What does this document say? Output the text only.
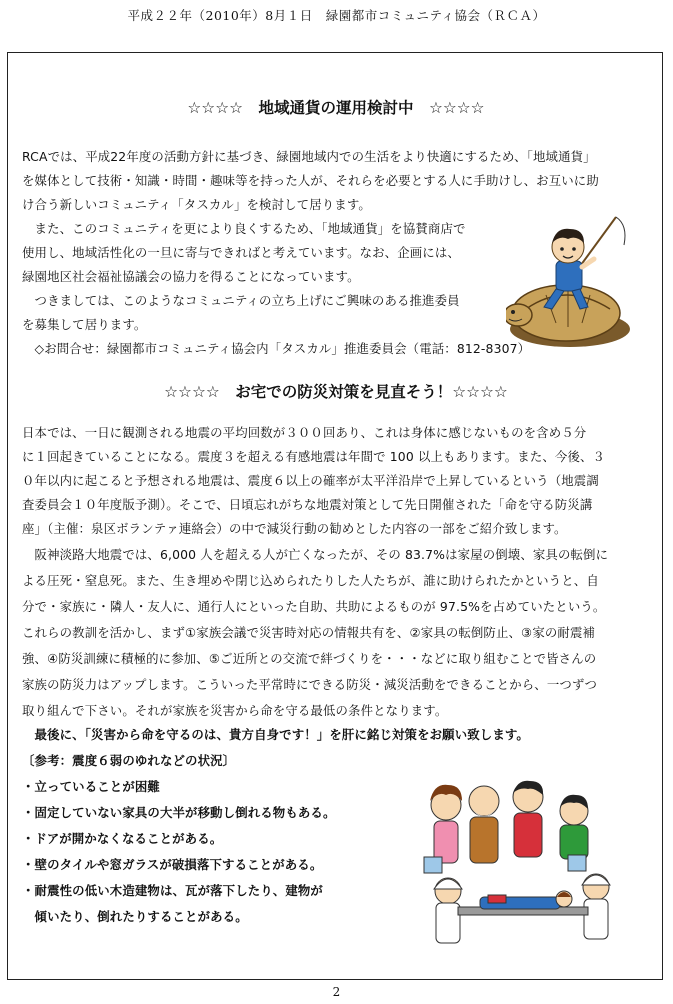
平成２２年（2010年）8月１日　緑園都市コミュニティ協会（ＲＣＡ）
☆☆☆☆　地域通貨の運用検討中　☆☆☆☆
RCAでは、平成22年度の活動方針に基づき、緑園地域内での生活をより快適にするため、「地域通貨」
を媒体として技術・知識・時間・趣味等を持った人が、それらを必要とする人に手助けし、お互いに助
け合う新しいコミュニティ「タスカル」を検討して居ります。
　また、このコミュニティを更により良くするため、「地域通貨」を協賛商店で
使用し、地域活性化の一旦に寄与できればと考えています。なお、企画には、
緑園地区社会福祉協議会の協力を得ることになっています。
　つきましては、このようなコミュニティの立ち上げにご興味のある推進委員
を募集して居ります。
　◇お問合せ：緑園都市コミュニティ協会内「タスカル」推進委員会（電話：812-8307）
☆☆☆☆　お宅での防災対策を見直そう！☆☆☆☆
日本では、一日に観測される地震の平均回数が３００回あり、これは身体に感じないものを含め５分
に１回起きていることになる。震度３を超える有感地震は年間で 100 以上もあります。また、今後、３
０年以内に起こると予想される地震は、震度６以上の確率が太平洋沿岸で上昇しているという（地震調
査委員会１０年度版予測）。そこで、日頃忘れがちな地震対策として先日開催された「命を守る防災講
座」（主催：泉区ボランテァ連絡会）の中で減災行動の勧めとした内容の一部をご紹介致します。
　阪神淡路大地震では、6,000 人を超える人が亡くなったが、その 83.7%は家屋の倒壊、家具の転倒に
よる圧死・窒息死。また、生き埋めや閉じ込められたりした人たちが、誰に助けられたかというと、自
分で・家族に・隣人・友人に、通行人にといった自助、共助によるものが 97.5%を占めていたという。
これらの教訓を活かし、まず①家族会議で災害時対応の情報共有を、②家具の転倒防止、③家の耐震補
強、④防災訓練に積極的に参加、⑤ご近所との交流で絆づくりを・・・などに取り組むことで皆さんの
家族の防災力はアップします。こういった平常時にできる防災・減災活動をできることから、一つずつ
取り組んで下さい。それが家族を災害から命を守る最低の条件となります。
　最後に、「災害から命を守るのは、貴方自身です！」を肝に銘じ対策をお願い致します。
〔参考：震度６弱のゆれなどの状況〕
・立っていることが困難
・固定していない家具の大半が移動し倒れる物もある。
・ドアが開かなくなることがある。
・壁のタイルや窓ガラスが破損落下することがある。
・耐震性の低い木造建物は、瓦が落下したり、建物が
　傾いたり、倒れたりすることがある。
2
